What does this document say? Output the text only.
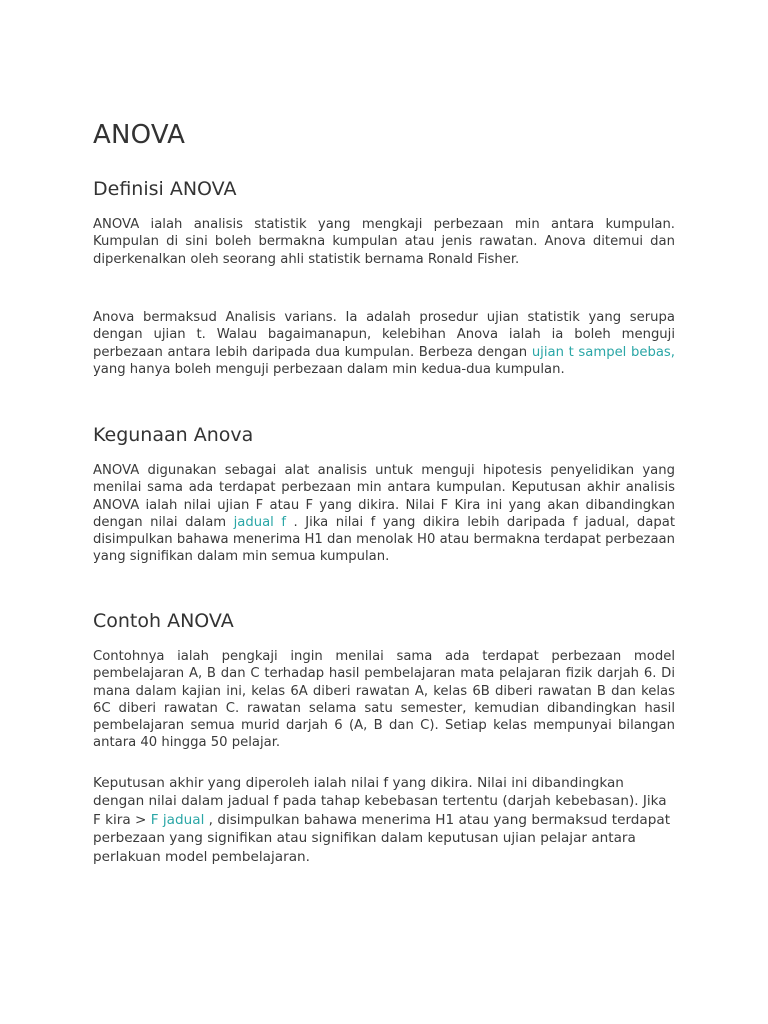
ANOVA
Definisi ANOVA

ANOVA ialah analisis statistik yang mengkaji perbezaan min antara kumpulan. Kumpulan di sini boleh bermakna kumpulan atau jenis rawatan. Anova ditemui dan diperkenalkan oleh seorang ahli statistik bernama Ronald Fisher.

Anova bermaksud Analisis varians. Ia adalah prosedur ujian statistik yang serupa dengan ujian t. Walau bagaimanapun, kelebihan Anova ialah ia boleh menguji perbezaan antara lebih daripada dua kumpulan. Berbeza dengan ujian t sampel bebas, yang hanya boleh menguji perbezaan dalam min kedua-dua kumpulan.

Kegunaan Anova

ANOVA digunakan sebagai alat analisis untuk menguji hipotesis penyelidikan yang menilai sama ada terdapat perbezaan min antara kumpulan. Keputusan akhir analisis ANOVA ialah nilai ujian F atau F yang dikira. Nilai F Kira ini yang akan dibandingkan dengan nilai dalam jadual f . Jika nilai f yang dikira lebih daripada f jadual, dapat disimpulkan bahawa menerima H1 dan menolak H0 atau bermakna terdapat perbezaan yang signifikan dalam min semua kumpulan.

Contoh ANOVA

Contohnya ialah pengkaji ingin menilai sama ada terdapat perbezaan model pembelajaran A, B dan C terhadap hasil pembelajaran mata pelajaran fizik darjah 6. Di mana dalam kajian ini, kelas 6A diberi rawatan A, kelas 6B diberi rawatan B dan kelas 6C diberi rawatan C. rawatan selama satu semester, kemudian dibandingkan hasil pembelajaran semua murid darjah 6 (A, B dan C). Setiap kelas mempunyai bilangan antara 40 hingga 50 pelajar.

Keputusan akhir yang diperoleh ialah nilai f yang dikira. Nilai ini dibandingkan dengan nilai dalam jadual f pada tahap kebebasan tertentu (darjah kebebasan). Jika F kira > F jadual , disimpulkan bahawa menerima H1 atau yang bermaksud terdapat perbezaan yang signifikan atau signifikan dalam keputusan ujian pelajar antara perlakuan model pembelajaran.
